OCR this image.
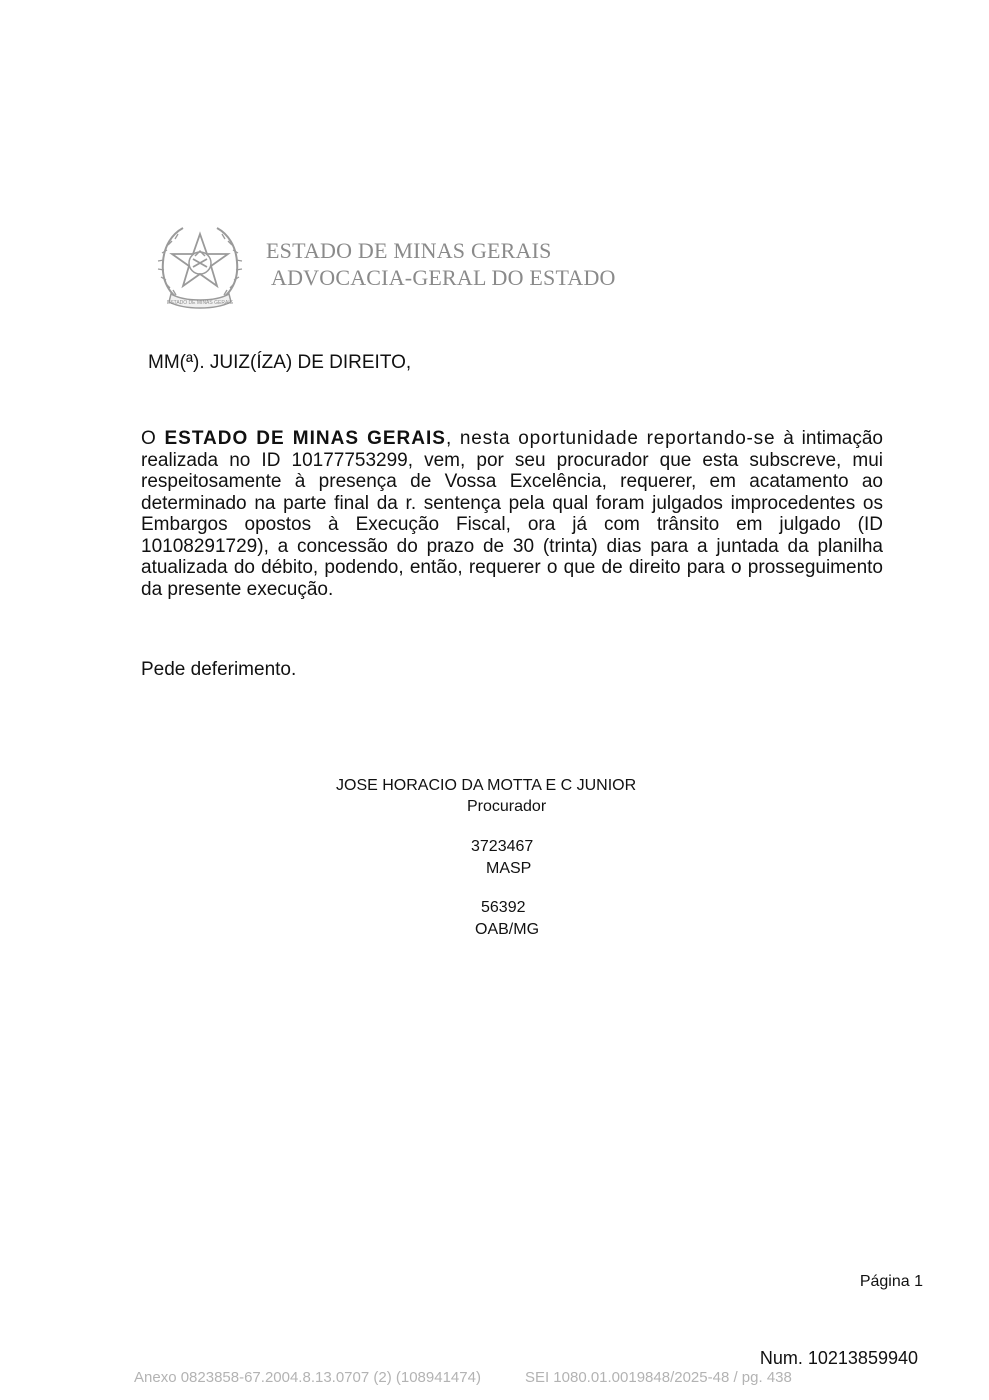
ESTADO DE MINAS GERAIS
ESTADO DE MINAS GERAIS
ADVOCACIA-GERAL DO ESTADO
MM(ª). JUIZ(ÍZA) DE DIREITO,
O ESTADO DE MINAS GERAIS, nesta oportunidade reportando-se à intimação realizada no ID 10177753299, vem, por seu procurador que esta subscreve, mui respeitosamente à presença de Vossa Excelência, requerer, em acatamento ao determinado na parte final da r. sentença pela qual foram julgados improcedentes os Embargos opostos à Execução Fiscal, ora já com trânsito em julgado (ID 10108291729), a concessão do prazo de 30 (trinta) dias para a juntada da planilha atualizada do débito, podendo, então, requerer o que de direito para o prosseguimento da presente execução.
Pede deferimento.
JOSE HORACIO DA MOTTA E C JUNIOR
Procurador
3723467
MASP
56392
OAB/MG
Página 1
Num. 10213859940
Anexo 0823858-67.2004.8.13.0707 (2) (108941474)	SEI 1080.01.0019848/2025-48 / pg. 438
